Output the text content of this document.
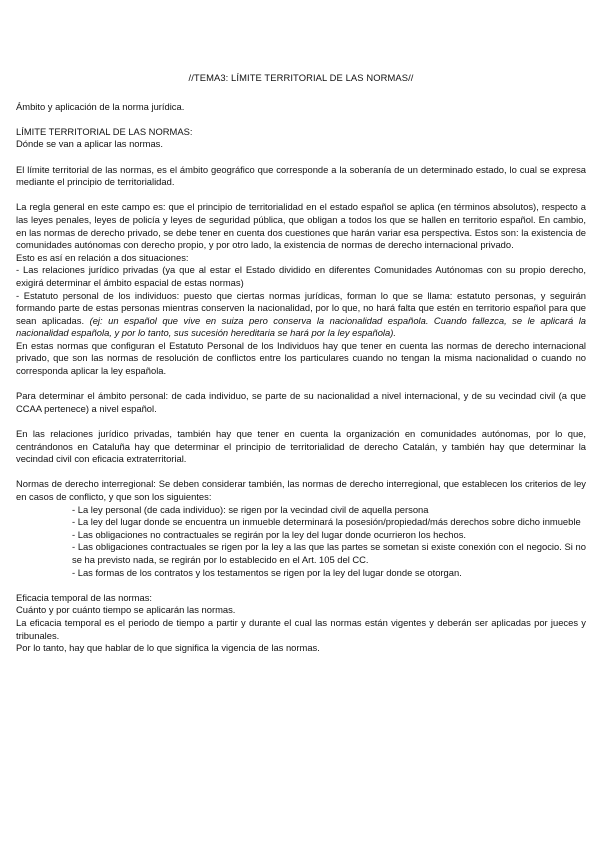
//TEMA3: LÍMITE TERRITORIAL DE LAS NORMAS//

Ámbito y aplicación de la norma jurídica.

LÍMITE TERRITORIAL DE LAS NORMAS:

Dónde se van a aplicar las normas.

El límite territorial de las normas, es el ámbito geográfico que corresponde a la soberanía de un determinado estado, lo cual se expresa mediante el principio de territorialidad.

La regla general en este campo es: que el principio de territorialidad en el estado español se aplica (en términos absolutos), respecto a las leyes penales, leyes de policía y leyes de seguridad pública, que obligan a todos los que se hallen en territorio español. En cambio, en las normas de derecho privado, se debe tener en cuenta dos cuestiones que harán variar esa perspectiva. Estos son: la existencia de comunidades autónomas con derecho propio, y por otro lado, la existencia de normas de derecho internacional privado.

Esto es así en relación a dos situaciones:

- Las relaciones jurídico privadas (ya que al estar el Estado dividido en diferentes Comunidades Autónomas con su propio derecho, exigirá determinar el ámbito espacial de estas normas)

- Estatuto personal de los individuos: puesto que ciertas normas jurídicas, forman lo que se llama: estatuto personas, y seguirán formando parte de estas personas mientras conserven la nacionalidad, por lo que, no hará falta que estén en territorio español para que sean aplicadas. (ej: un español que vive en suiza pero conserva la nacionalidad española. Cuando fallezca, se le aplicará la nacionalidad española, y por lo tanto, sus sucesión hereditaria se hará por la ley española).

En estas normas que configuran el Estatuto Personal de los Individuos hay que tener en cuenta las normas de derecho internacional privado, que son las normas de resolución de conflictos entre los particulares cuando no tengan la misma nacionalidad o cuando no corresponda aplicar la ley española.

Para determinar el ámbito personal: de cada individuo, se parte de su nacionalidad a nivel internacional, y de su vecindad civil (a que CCAA pertenece) a nivel español.

En las relaciones jurídico privadas, también hay que tener en cuenta la organización en comunidades autónomas, por lo que, centrándonos en Cataluña hay que determinar el principio de territorialidad de derecho Catalán, y también hay que determinar la vecindad civil con eficacia extraterritorial.

Normas de derecho interregional: Se deben considerar también, las normas de derecho interregional, que establecen los criterios de ley en casos de conflicto, y que son los siguientes:

- La ley personal (de cada individuo): se rigen por la vecindad civil de aquella persona
- La ley del lugar donde se encuentra un inmueble determinará la posesión/propiedad/más derechos sobre dicho inmueble
- Las obligaciones no contractuales se regirán por la ley del lugar donde ocurrieron los hechos.
- Las obligaciones contractuales se rigen por la ley a las que las partes se sometan si existe conexión con el negocio. Si no se ha previsto nada, se regirán por lo establecido en el Art. 105 del CC.
- Las formas de los contratos y los testamentos se rigen por la ley del lugar donde se otorgan.

Eficacia temporal de las normas:

Cuánto y por cuánto tiempo se aplicarán las normas.

La eficacia temporal es el periodo de tiempo a partir y durante el cual las normas están vigentes y deberán ser aplicadas por jueces y tribunales.

Por lo tanto, hay que hablar de lo que significa la vigencia de las normas.
